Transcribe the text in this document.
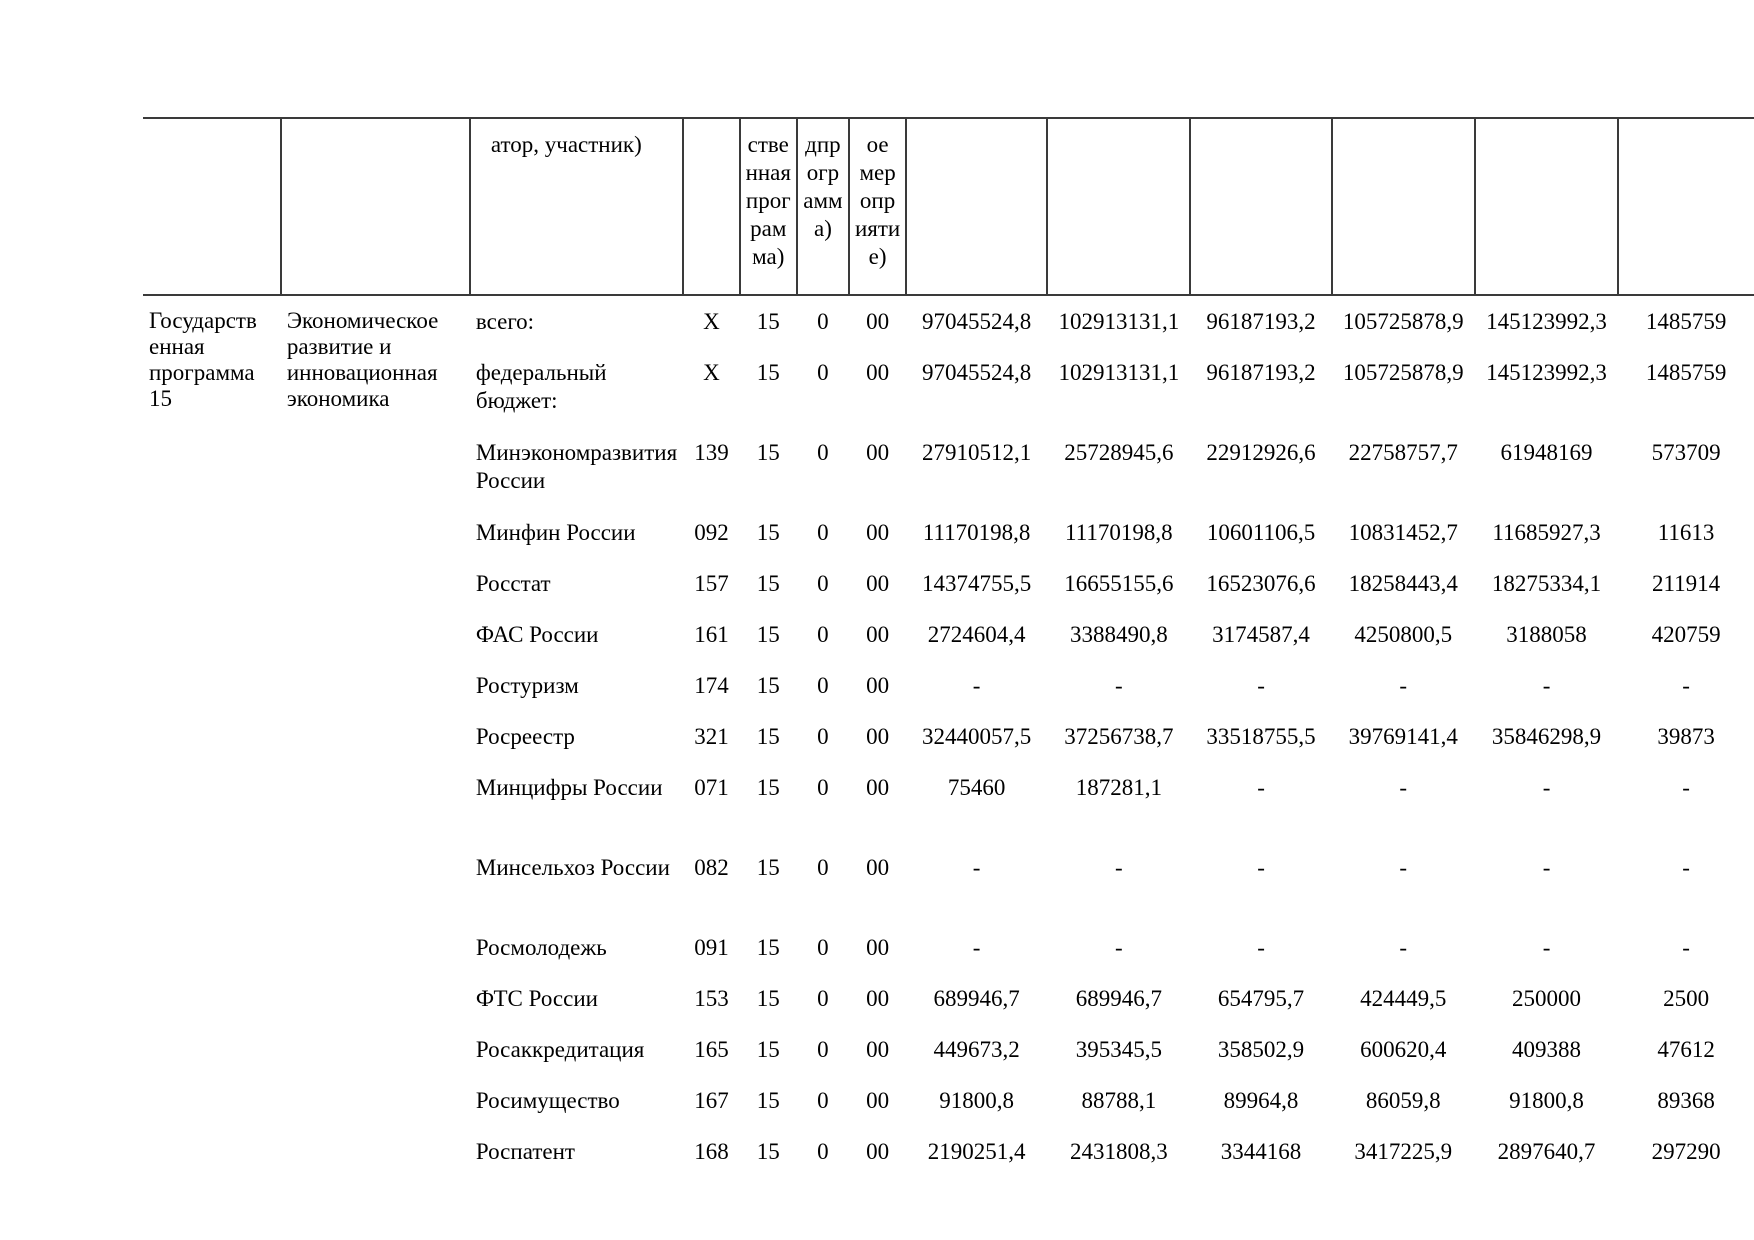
		атор, участник)		стве
нная
прог
рам
ма)	дпр
огр
амм
а)	ое
мер
опр
ияти
е)						

Государств
енная
программа
15	Экономическое
развитие и
инновационная
экономика	всего:	X	15	0	00	97045524,8	102913131,1	96187193,2	105725878,9	145123992,3	1485759
		федеральный бюджет:	X	15	0	00	97045524,8	102913131,1	96187193,2	105725878,9	145123992,3	1485759
		Минэкономразвития России	139	15	0	00	27910512,1	25728945,6	22912926,6	22758757,7	61948169	573709
		Минфин России	092	15	0	00	11170198,8	11170198,8	10601106,5	10831452,7	11685927,3	11613
		Росстат	157	15	0	00	14374755,5	16655155,6	16523076,6	18258443,4	18275334,1	211914
		ФАС России	161	15	0	00	2724604,4	3388490,8	3174587,4	4250800,5	3188058	420759
		Ростуризм	174	15	0	00	-	-	-	-	-	-
		Росреестр	321	15	0	00	32440057,5	37256738,7	33518755,5	39769141,4	35846298,9	39873
		Минцифры России	071	15	0	00	75460	187281,1	-	-	-	-
		Минсельхоз России	082	15	0	00	-	-	-	-	-	-
		Росмолодежь	091	15	0	00	-	-	-	-	-	-
		ФТС России	153	15	0	00	689946,7	689946,7	654795,7	424449,5	250000	2500
		Росаккредитация	165	15	0	00	449673,2	395345,5	358502,9	600620,4	409388	47612
		Росимущество	167	15	0	00	91800,8	88788,1	89964,8	86059,8	91800,8	89368
		Роспатент	168	15	0	00	2190251,4	2431808,3	3344168	3417225,9	2897640,7	297290
